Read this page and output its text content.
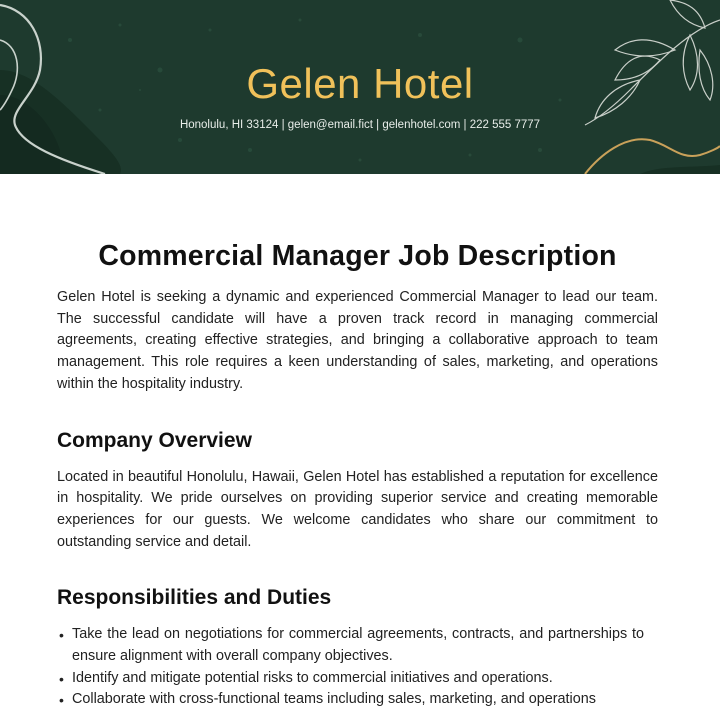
Gelen Hotel
Honolulu, HI 33124 | gelen@email.fict | gelenhotel.com | 222 555 7777
Commercial Manager Job Description

Gelen Hotel is seeking a dynamic and experienced Commercial Manager to lead our team. The successful candidate will have a proven track record in managing commercial agreements, creating effective strategies, and bringing a collaborative approach to team management. This role requires a keen understanding of sales, marketing, and operations within the hospitality industry.

Company Overview

Located in beautiful Honolulu, Hawaii, Gelen Hotel has established a reputation for excellence in hospitality. We pride ourselves on providing superior service and creating memorable experiences for our guests. We welcome candidates who share our commitment to outstanding service and detail.

Responsibilities and Duties
• Take the lead on negotiations for commercial agreements, contracts, and partnerships to ensure alignment with overall company objectives.
• Identify and mitigate potential risks to commercial initiatives and operations.
• Collaborate with cross-functional teams including sales, marketing, and operations
